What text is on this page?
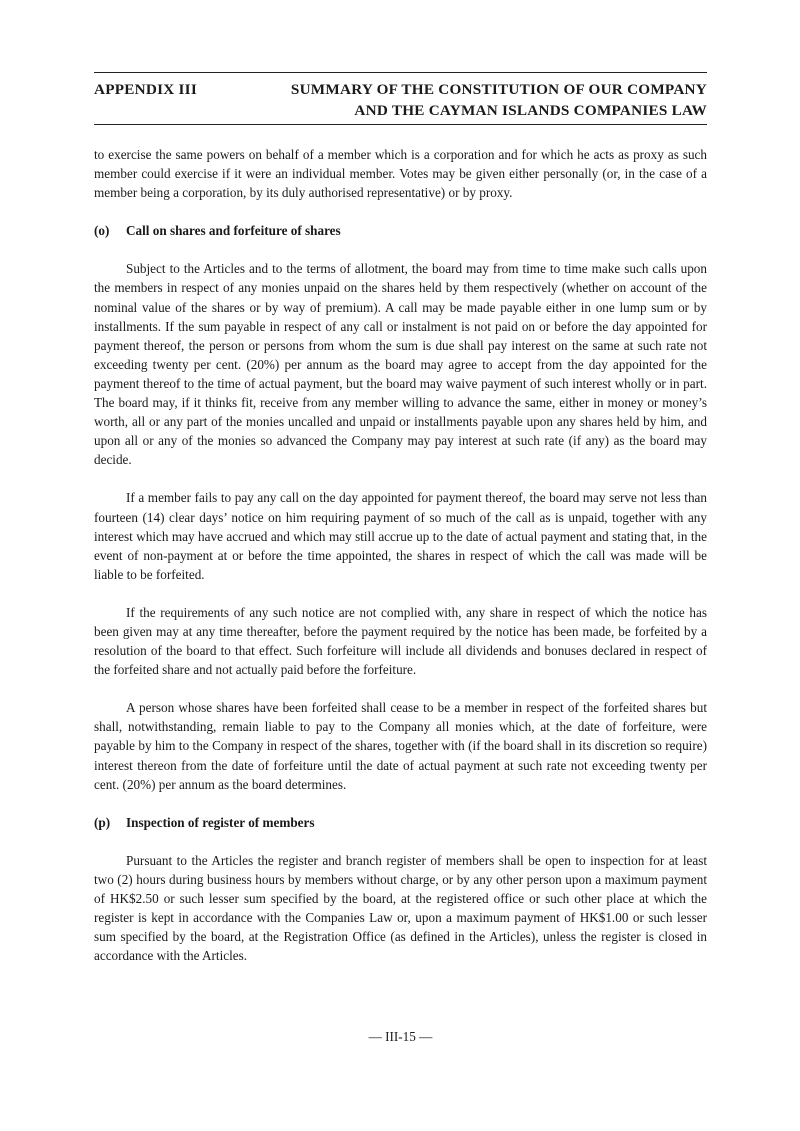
APPENDIX III	SUMMARY OF THE CONSTITUTION OF OUR COMPANY
AND THE CAYMAN ISLANDS COMPANIES LAW

to exercise the same powers on behalf of a member which is a corporation and for which he acts as proxy as such member could exercise if it were an individual member. Votes may be given either personally (or, in the case of a member being a corporation, by its duly authorised representative) or by proxy.

(o) Call on shares and forfeiture of shares

Subject to the Articles and to the terms of allotment, the board may from time to time make such calls upon the members in respect of any monies unpaid on the shares held by them respectively (whether on account of the nominal value of the shares or by way of premium). A call may be made payable either in one lump sum or by installments. If the sum payable in respect of any call or instalment is not paid on or before the day appointed for payment thereof, the person or persons from whom the sum is due shall pay interest on the same at such rate not exceeding twenty per cent. (20%) per annum as the board may agree to accept from the day appointed for the payment thereof to the time of actual payment, but the board may waive payment of such interest wholly or in part. The board may, if it thinks fit, receive from any member willing to advance the same, either in money or money’s worth, all or any part of the monies uncalled and unpaid or installments payable upon any shares held by him, and upon all or any of the monies so advanced the Company may pay interest at such rate (if any) as the board may decide.

If a member fails to pay any call on the day appointed for payment thereof, the board may serve not less than fourteen (14) clear days’ notice on him requiring payment of so much of the call as is unpaid, together with any interest which may have accrued and which may still accrue up to the date of actual payment and stating that, in the event of non-payment at or before the time appointed, the shares in respect of which the call was made will be liable to be forfeited.

If the requirements of any such notice are not complied with, any share in respect of which the notice has been given may at any time thereafter, before the payment required by the notice has been made, be forfeited by a resolution of the board to that effect. Such forfeiture will include all dividends and bonuses declared in respect of the forfeited share and not actually paid before the forfeiture.

A person whose shares have been forfeited shall cease to be a member in respect of the forfeited shares but shall, notwithstanding, remain liable to pay to the Company all monies which, at the date of forfeiture, were payable by him to the Company in respect of the shares, together with (if the board shall in its discretion so require) interest thereon from the date of forfeiture until the date of actual payment at such rate not exceeding twenty per cent. (20%) per annum as the board determines.

(p) Inspection of register of members

Pursuant to the Articles the register and branch register of members shall be open to inspection for at least two (2) hours during business hours by members without charge, or by any other person upon a maximum payment of HK$2.50 or such lesser sum specified by the board, at the registered office or such other place at which the register is kept in accordance with the Companies Law or, upon a maximum payment of HK$1.00 or such lesser sum specified by the board, at the Registration Office (as defined in the Articles), unless the register is closed in accordance with the Articles.

— III-15 —
